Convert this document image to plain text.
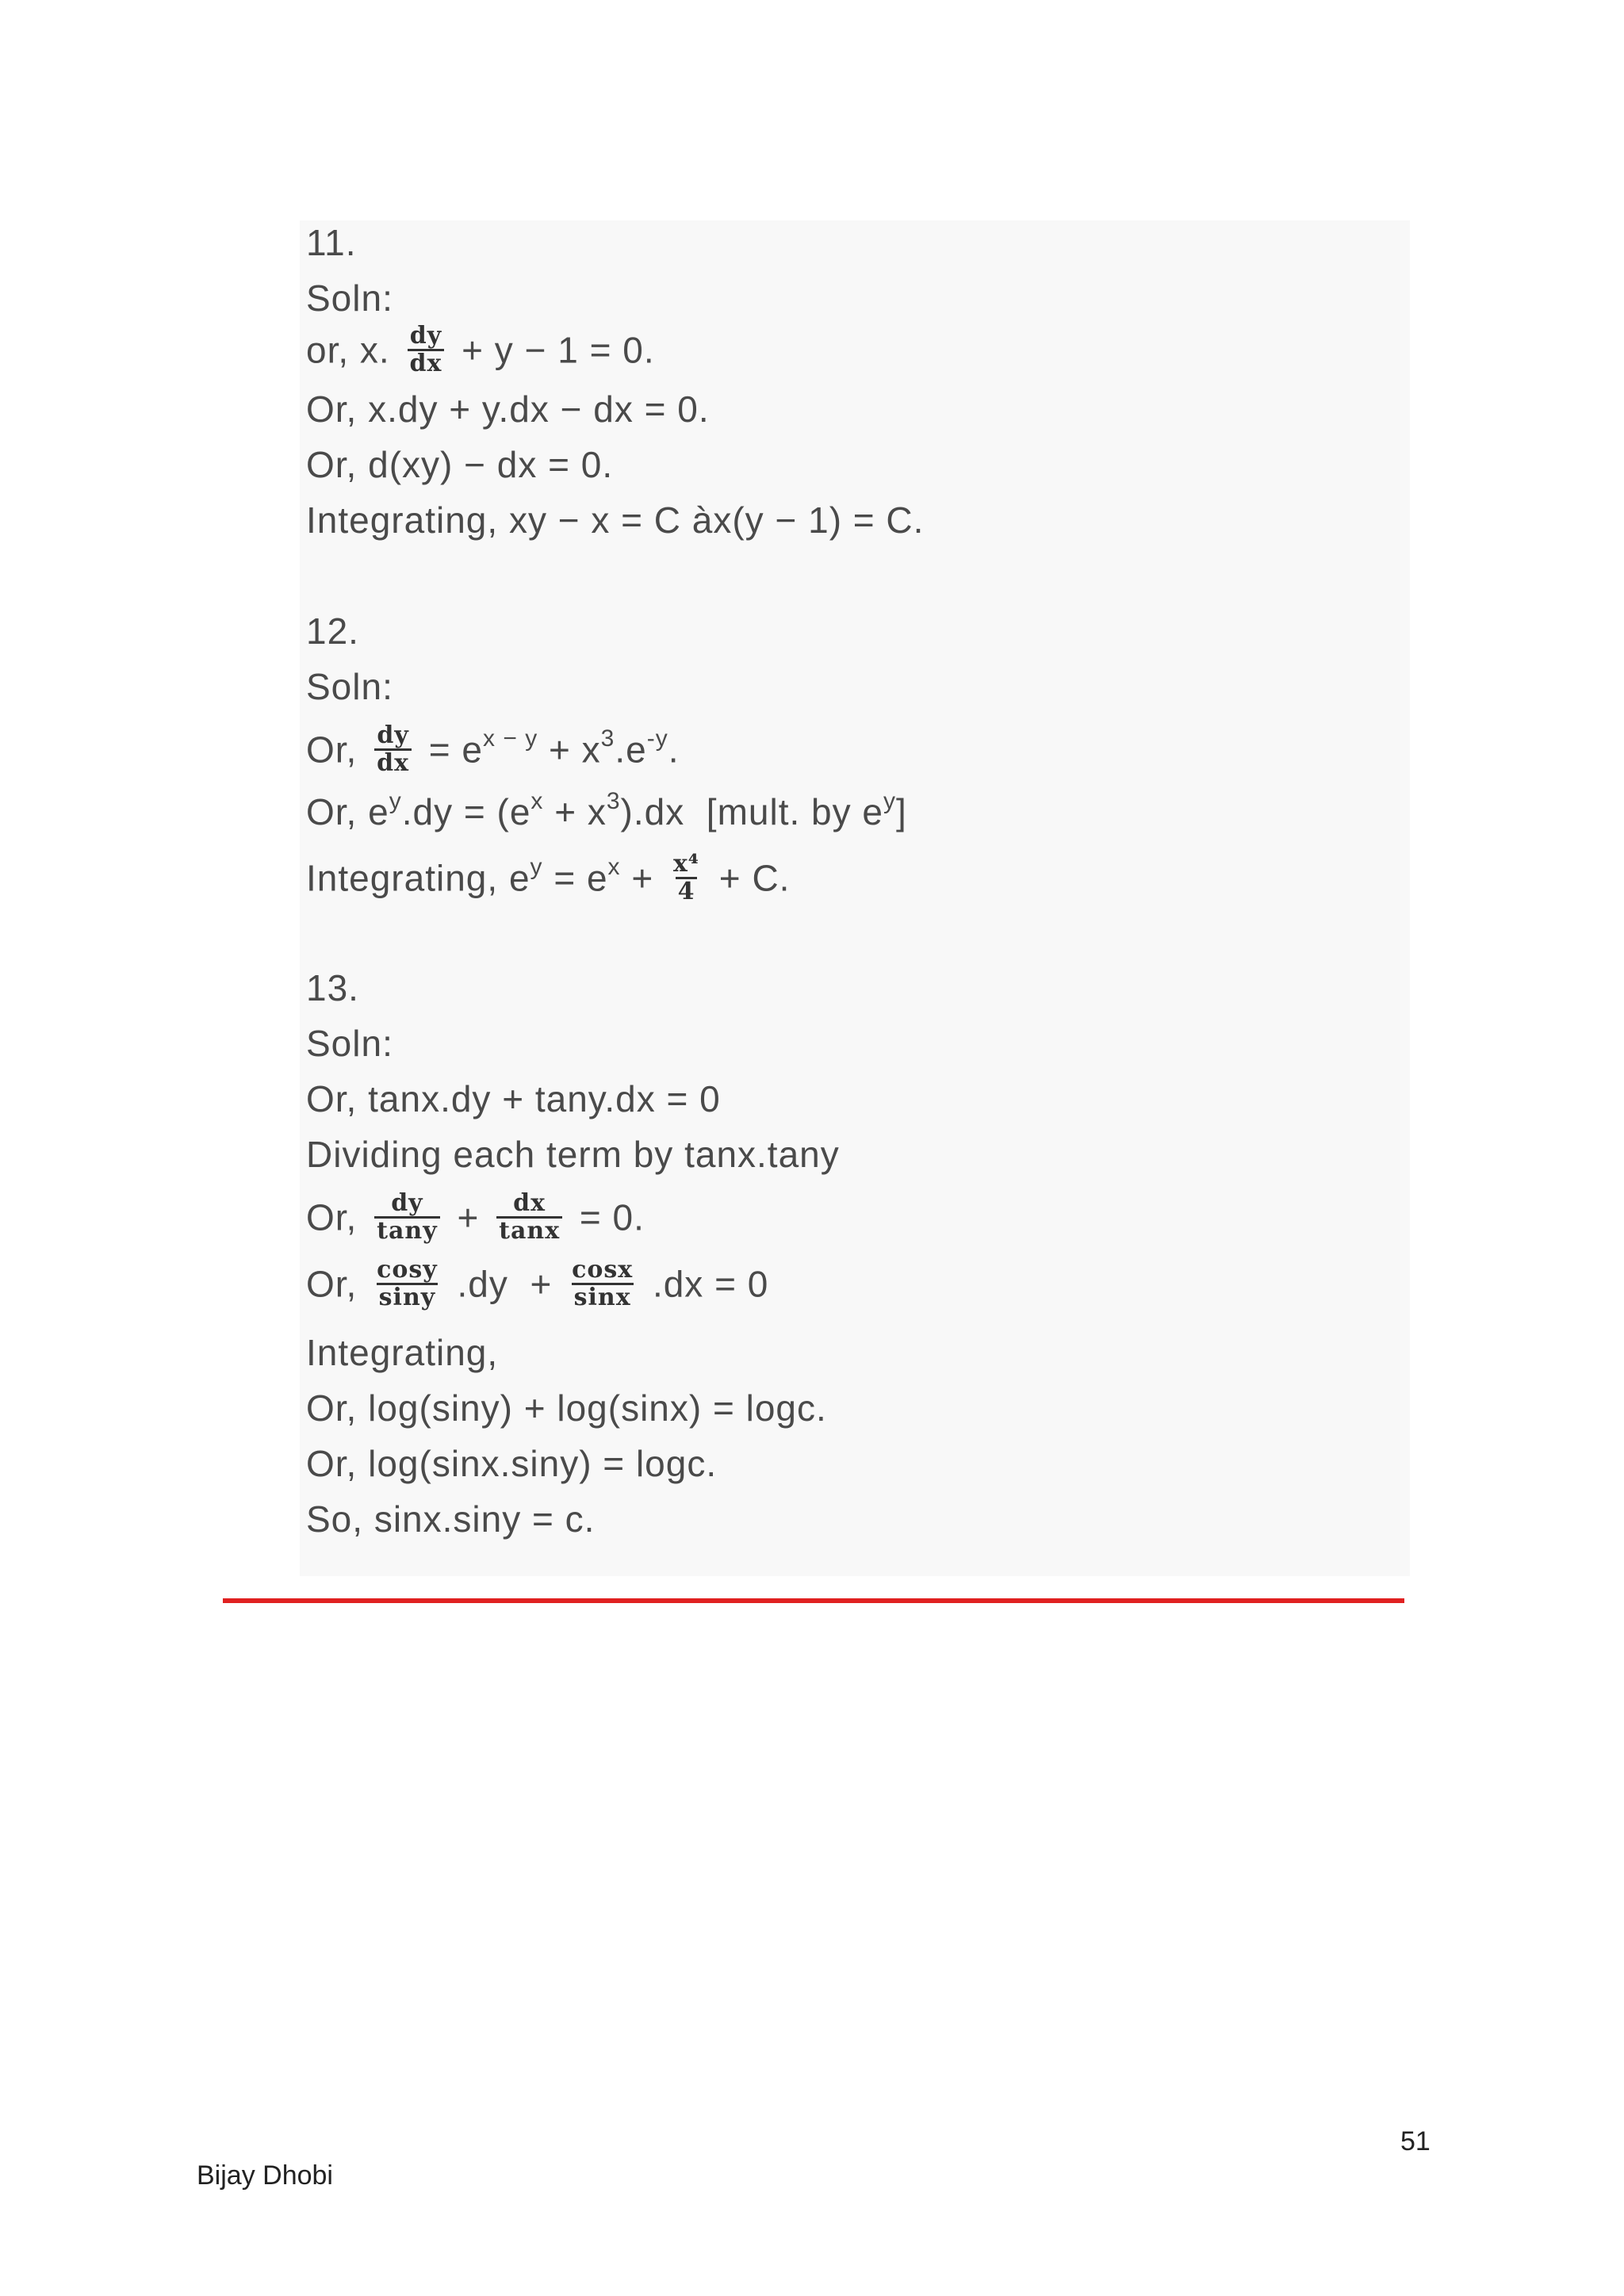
11.
Soln:
or, x. $\frac{dy}{dx} + y - 1 = 0$.
Or, x.dy + y.dx − dx = 0.
Or, d(xy) − dx = 0.
Integrating, xy − x = C àx(y − 1) = C.
12.
Soln:
Or, $\frac{dy}{dx} = e^{x - y} + x^3.e^{-y}$.
Or, $e^y.dy = (e^x + x^3).dx$  [mult. by $e^y$]
Integrating, $e^y = e^x + \frac{\text{x⁴}}{4} + C$.
13.
Soln:
Or, tanx.dy + tany.dx = 0
Dividing each term by tanx.tany
Or, $\frac{dy}{\tan y} + \frac{dx}{\tan x} = 0$.
Or, $\frac{\cos y}{\sin y} .dy + \frac{\cos x}{\sin x} .dx = 0$
Integrating,
Or, log(siny) + log(sinx) = logc.
Or, log(sinx.siny) = logc.
So, sinx.siny = c.
51
Bijay Dhobi
